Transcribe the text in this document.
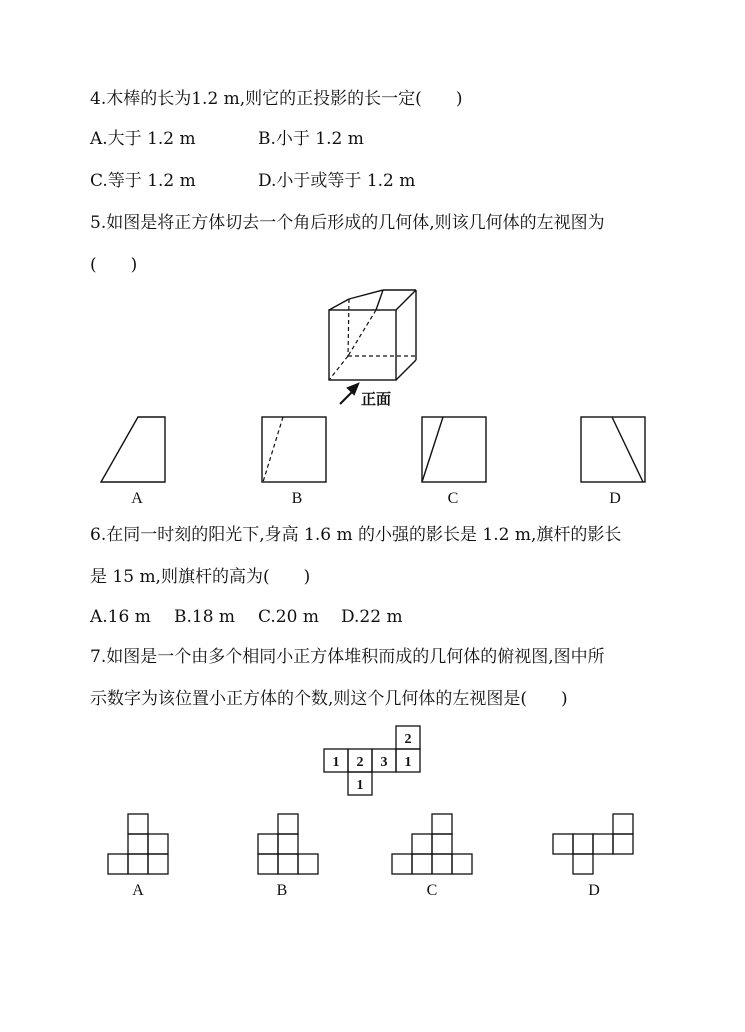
4.木棒的长为1.2 m,则它的正投影的长一定(　　)
A.大于 1.2 m	B.小于 1.2 m
C.等于 1.2 m	D.小于或等于 1.2 m
5.如图是将正方体切去一个角后形成的几何体,则该几何体的左视图为
(　　)
正面
A	B	C	D
6.在同一时刻的阳光下,身高 1.6 m 的小强的影长是 1.2 m,旗杆的影长
是 15 m,则旗杆的高为(　　)
A.16 m B.18 m C.20 m D.22 m
7.如图是一个由多个相同小正方体堆积而成的几何体的俯视图,图中所
示数字为该位置小正方体的个数,则这个几何体的左视图是(　　)
2
1 2 3 1
1
A	B	C	D
